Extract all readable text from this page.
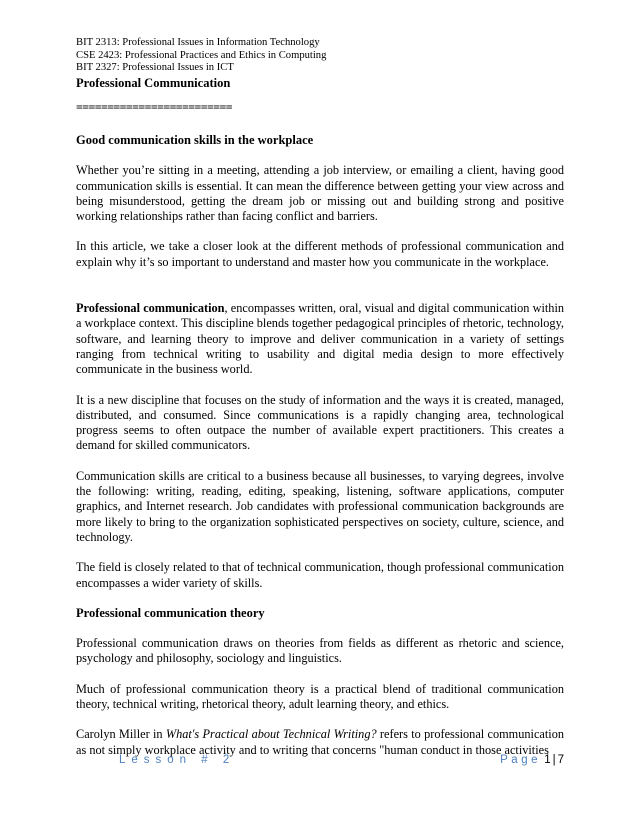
BIT 2313: Professional Issues in Information Technology
CSE 2423: Professional Practices and Ethics in Computing
BIT 2327: Professional Issues in ICT
Professional Communication
=========================
Good communication skills in the workplace

Whether you’re sitting in a meeting, attending a job interview, or emailing a client, having good communication skills is essential. It can mean the difference between getting your view across and being misunderstood, getting the dream job or missing out and building strong and positive working relationships rather than facing conflict and barriers.

In this article, we take a closer look at the different methods of professional communication and explain why it’s so important to understand and master how you communicate in the workplace.

Professional communication, encompasses written, oral, visual and digital communication within a workplace context. This discipline blends together pedagogical principles of rhetoric, technology, software, and learning theory to improve and deliver communication in a variety of settings ranging from technical writing to usability and digital media design to more effectively communicate in the business world.

It is a new discipline that focuses on the study of information and the ways it is created, managed, distributed, and consumed. Since communications is a rapidly changing area, technological progress seems to often outpace the number of available expert practitioners. This creates a demand for skilled communicators.

Communication skills are critical to a business because all businesses, to varying degrees, involve the following: writing, reading, editing, speaking, listening, software applications, computer graphics, and Internet research. Job candidates with professional communication backgrounds are more likely to bring to the organization sophisticated perspectives on society, culture, science, and technology.

The field is closely related to that of technical communication, though professional communication encompasses a wider variety of skills.

Professional communication theory

Professional communication draws on theories from fields as different as rhetoric and science, psychology and philosophy, sociology and linguistics.

Much of professional communication theory is a practical blend of traditional communication theory, technical writing, rhetorical theory, adult learning theory, and ethics.

Carolyn Miller in What's Practical about Technical Writing? refers to professional communication as not simply workplace activity and to writing that concerns "human conduct in those activities

Lesson # 2	Page 1 | 7
